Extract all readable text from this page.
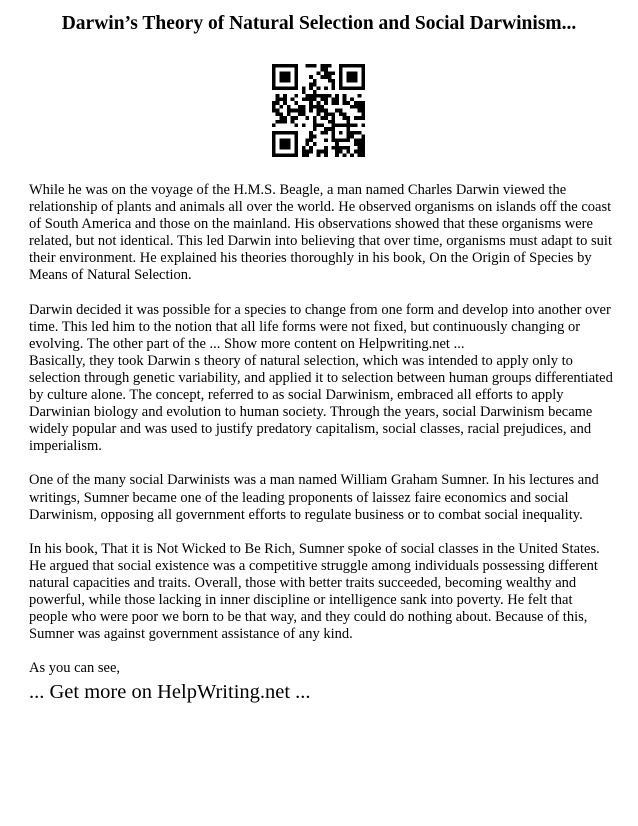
Darwin’s Theory of Natural Selection and Social Darwinism...

While he was on the voyage of the H.M.S. Beagle, a man named Charles Darwin viewed the relationship of plants and animals all over the world. He observed organisms on islands off the coast of South America and those on the mainland. His observations showed that these organisms were related, but not identical. This led Darwin into believing that over time, organisms must adapt to suit their environment. He explained his theories thoroughly in his book, On the Origin of Species by Means of Natural Selection.

Darwin decided it was possible for a species to change from one form and develop into another over time. This led him to the notion that all life forms were not fixed, but continuously changing or evolving. The other part of the ... Show more content on Helpwriting.net ...

Basically, they took Darwin s theory of natural selection, which was intended to apply only to selection through genetic variability, and applied it to selection between human groups differentiated by culture alone. The concept, referred to as social Darwinism, embraced all efforts to apply Darwinian biology and evolution to human society. Through the years, social Darwinism became widely popular and was used to justify predatory capitalism, social classes, racial prejudices, and imperialism.

One of the many social Darwinists was a man named William Graham Sumner. In his lectures and writings, Sumner became one of the leading proponents of laissez faire economics and social Darwinism, opposing all government efforts to regulate business or to combat social inequality.

In his book, That it is Not Wicked to Be Rich, Sumner spoke of social classes in the United States. He argued that social existence was a competitive struggle among individuals possessing different natural capacities and traits. Overall, those with better traits succeeded, becoming wealthy and powerful, while those lacking in inner discipline or intelligence sank into poverty. He felt that people who were poor we born to be that way, and they could do nothing about. Because of this, Sumner was against government assistance of any kind.

As you can see,

... Get more on HelpWriting.net ...
